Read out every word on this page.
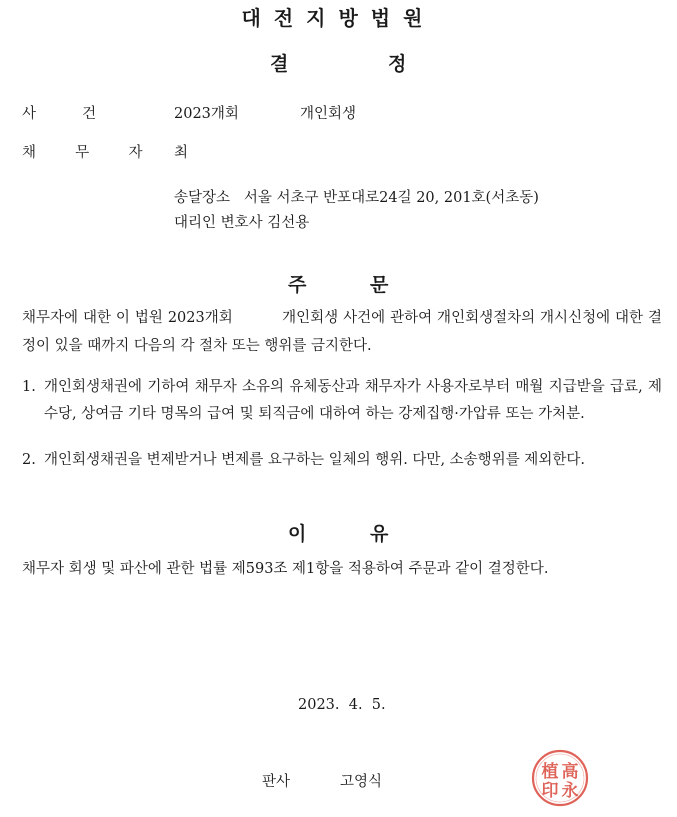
대전지방법원
결	정
사          건	2023개회	개인회생
채  무  자 최
송달장소   서울 서초구 반포대로24길 20, 201호(서초동)
대리인 변호사 김선용
주	문
채무자에 대한 이 법원 2023개회          개인회생 사건에 관하여 개인회생절차의 개시신청에 대한 결정이 있을 때까지 다음의 각 절차 또는 행위를 금지한다.
1. 개인회생채권에 기하여 채무자 소유의 유체동산과 채무자가 사용자로부터 매월 지급받을 급료, 제수당, 상여금 기타 명목의 급여 및 퇴직금에 대하여 하는 강제집행·가압류 또는 가처분.
2. 개인회생채권을 변제받거나 변제를 요구하는 일체의 행위. 다만, 소송행위를 제외한다.
이	유
채무자 회생 및 파산에 관한 법률 제593조 제1항을 적용하여 주문과 같이 결정한다.
2023.  4.  5.
판사	고영식	高
永
植
印
